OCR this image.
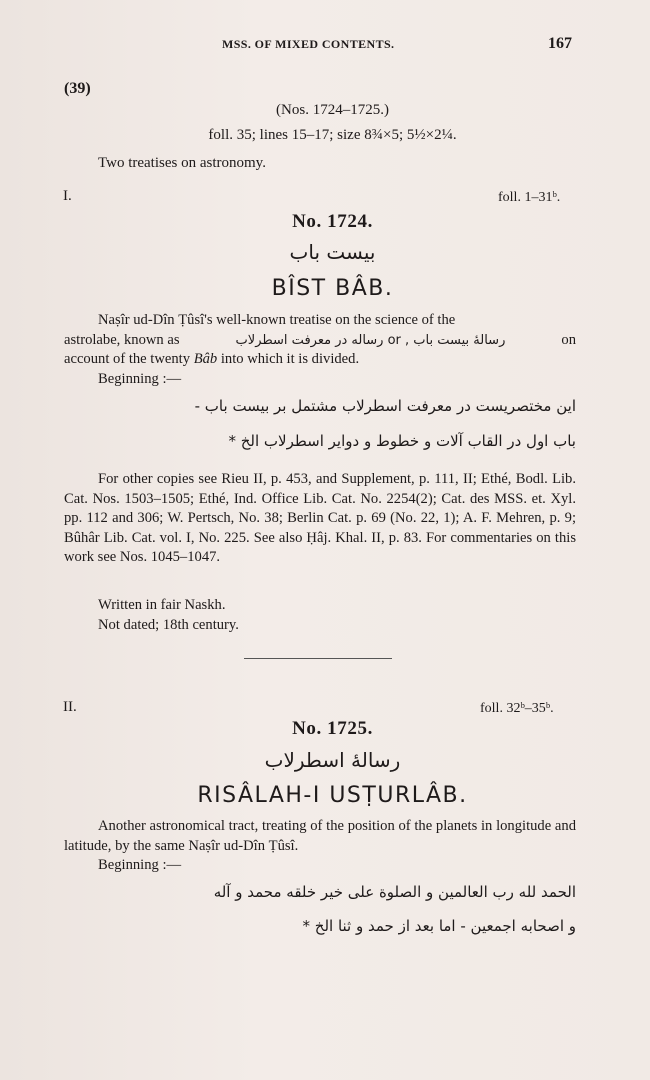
MSS. OF MIXED CONTENTS.	167
(39)
(Nos. 1724–1725.)
foll. 35; lines 15–17; size 8¾×5; 5½×2¼.
Two treatises on astronomy.
I.	foll. 1–31ᵇ.
No. 1724.
بیست باب
BÎST BÂB.
Naṣîr ud-Dîn Ṭûsî's well-known treatise on the science of the
astrolabe, known as	رسالۀ بیست باب , or رساله در معرفت اسطرلاب	on
account of the twenty Bâb into which it is divided.
Beginning :—
این مختصریست در معرفت اسطرلاب مشتمل بر بیست باب -
باب اول در القاب آلات و خطوط و دوایر اسطرلاب الخ *
For other copies see Rieu II, p. 453, and Supplement, p. 111, II; Ethé, Bodl. Lib. Cat. Nos. 1503–1505; Ethé, Ind. Office Lib. Cat. No. 2254(2); Cat. des MSS. et. Xyl. pp. 112 and 306; W. Pertsch, No. 38; Berlin Cat. p. 69 (No. 22, 1); A. F. Mehren, p. 9; Bûhâr Lib. Cat. vol. I, No. 225. See also Ḥâj. Khal. II, p. 83. For commentaries on this work see Nos. 1045–1047.
Written in fair Naskh.
Not dated; 18th century.
II.	foll. 32ᵇ–35ᵇ.
No. 1725.
رسالۀ اسطرلاب
RISÂLAH-I USṬURLÂB.
Another astronomical tract, treating of the position of the planets in longitude and latitude, by the same Naṣîr ud-Dîn Ṭûsî.
Beginning :—
الحمد لله رب العالمین و الصلوة علی خیر خلقه محمد و آله
و اصحابه اجمعین - اما بعد از حمد و ثنا الخ *
